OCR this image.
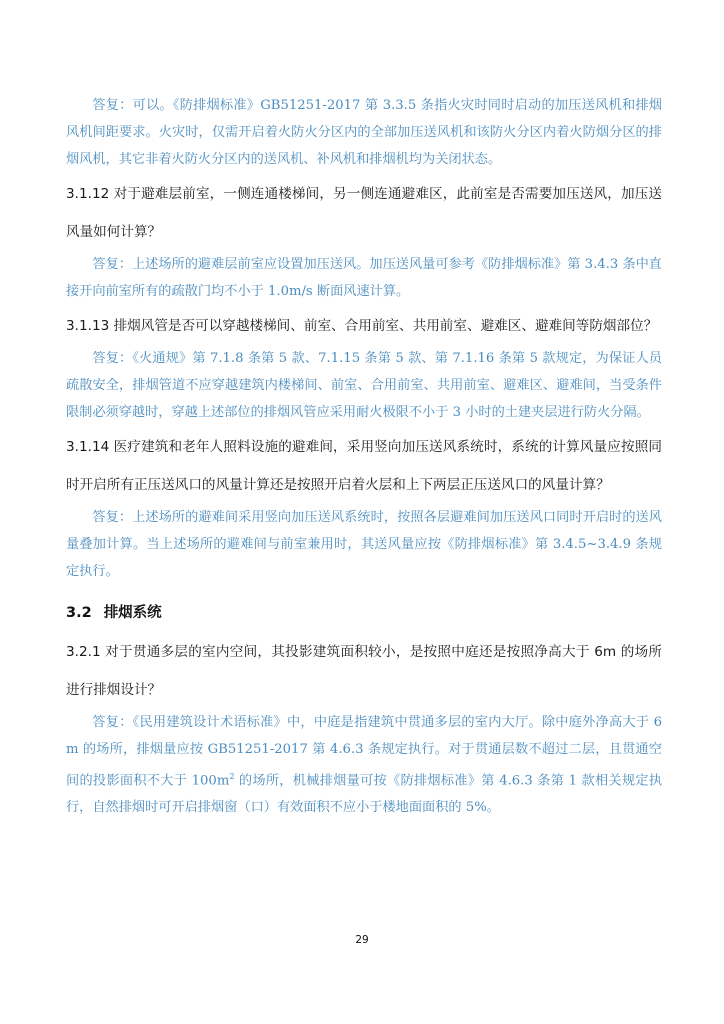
答复：可以。《防排烟标准》GB51251-2017 第 3.3.5 条指火灾时同时启动的加压送风机和排烟风机间距要求。火灾时，仅需开启着火防火分区内的全部加压送风机和该防火分区内着火防烟分区的排烟风机，其它非着火防火分区内的送风机、补风机和排烟机均为关闭状态。

3.1.12 对于避难层前室，一侧连通楼梯间，另一侧连通避难区，此前室是否需要加压送风，加压送风量如何计算？

答复：上述场所的避难层前室应设置加压送风。加压送风量可参考《防排烟标准》第 3.4.3 条中直接开向前室所有的疏散门均不小于 1.0m/s 断面风速计算。

3.1.13 排烟风管是否可以穿越楼梯间、前室、合用前室、共用前室、避难区、避难间等防烟部位？

答复：《火通规》第 7.1.8 条第 5 款、7.1.15 条第 5 款、第 7.1.16 条第 5 款规定，为保证人员疏散安全，排烟管道不应穿越建筑内楼梯间、前室、合用前室、共用前室、避难区、避难间，当受条件限制必须穿越时，穿越上述部位的排烟风管应采用耐火极限不小于 3 小时的土建夹层进行防火分隔。

3.1.14 医疗建筑和老年人照料设施的避难间，采用竖向加压送风系统时，系统的计算风量应按照同时开启所有正压送风口的风量计算还是按照开启着火层和上下两层正压送风口的风量计算？

答复：上述场所的避难间采用竖向加压送风系统时，按照各层避难间加压送风口同时开启时的送风量叠加计算。当上述场所的避难间与前室兼用时，其送风量应按《防排烟标准》第 3.4.5~3.4.9 条规定执行。

3.2 排烟系统

3.2.1 对于贯通多层的室内空间，其投影建筑面积较小，是按照中庭还是按照净高大于 6m 的场所进行排烟设计？

答复：《民用建筑设计术语标准》中，中庭是指建筑中贯通多层的室内大厅。除中庭外净高大于 6m 的场所，排烟量应按 GB51251-2017 第 4.6.3 条规定执行。对于贯通层数不超过二层，且贯通空间的投影面积不大于 $100m^2$ 的场所，机械排烟量可按《防排烟标准》第 4.6.3 条第 1 款相关规定执行，自然排烟时可开启排烟窗（口）有效面积不应小于楼地面面积的 5%。

29
